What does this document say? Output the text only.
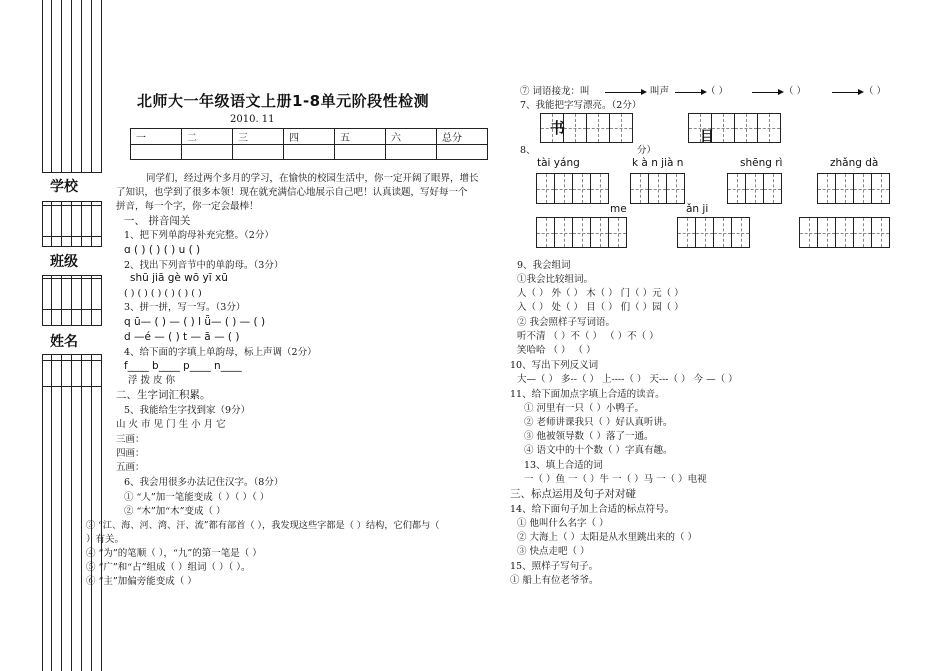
学校
班级
姓名
北师大一年级语文上册1-8单元阶段性检测
2010. 11
一	二	三	四	五	六	总分

同学们，经过两个多月的学习，在愉快的校园生活中，你一定开阔了眼界，增长
了知识，也学到了很多本领！现在就充满信心地展示自己吧！认真读题，写好每一个
拼音，每一个字，你一定会最棒！
一、 拼音闯关
1、把下列单韵母补充完整。（2分）
ɑ ( ) ( ) ( ) u ( )
2、找出下列音节中的单韵母。（3分）
shū jiā gè wō yī xū
( ) ( ) ( ) ( ) ( ) ( )
3、拼一拼，写一写。（3分）
q ū— ( ) — ( ) l ǖ— ( ) — ( )
d —é — ( ) t — ā — ( )
4、给下面的字填上单韵母，标上声调（2分）
f____ b____ p____ n____
浮 拨 皮 你
二、生字词汇积累。
5、我能给生字找到家（9分）
山 火 市 见 门 生 小 月 它
三画：
四画：
五画：
6、我会用很多办法记住汉字。（8分）
① “人”加一笔能变成（ ）（ ）（ ）
② “木”加“木”变成（ ）
③ “江、海、河、湾、汗、流”都有部首（ ），我发现这些字都是（ ）结构，它们都与（
）有关。
④ “为”的笔顺（ ），“九”的第一笔是（ ）
⑤ “广”和“占”组成（ ）组词（ ）（ ）。
⑥ “主”加偏旁能变成（ ）
⑦ 词语接龙：叫	叫声	（ ）	（ ）	（ ）
7、我能把字写漂亮。（2分）
8、	分）
书	目
tài yáng	k à n jià n	shēng rì	zhǎng dà
me	ǎn ji
9、我会组词
①我会比较组词。
人（ ） 外（ ） 木（ ） 门（ ）元（ ）
入（ ） 处（ ） 目（ ） 们（ ）园（ ）
② 我会照样子写词语。
听不清 （ ）不（ ） （ ）不（ ）
笑哈哈 （ ） （ ）
10、写出下列反义词
大—（ ） 多--（ ） 上----（ ） 天---（ ） 今 —（ ）
11、给下面加点字填上合适的读音。
① 河里有一只（ ）小鸭子。
② 老师讲课我只（ ）好认真听讲。
③ 他被领导数（ ）落了一通。
④ 语文中的十个数（ ）字真有趣。
13、填上合适的词
一（ ）鱼 一（ ）牛 一（ ）马 一（ ）电视
三、标点运用及句子对对碰
14、给下面句子加上合适的标点符号。
① 他叫什么名字（ ）
② 大海上（ ）太阳是从水里跳出来的（ ）
③ 快点走吧（ ）
15、照样子写句子。
① 船上有位老爷爷。
